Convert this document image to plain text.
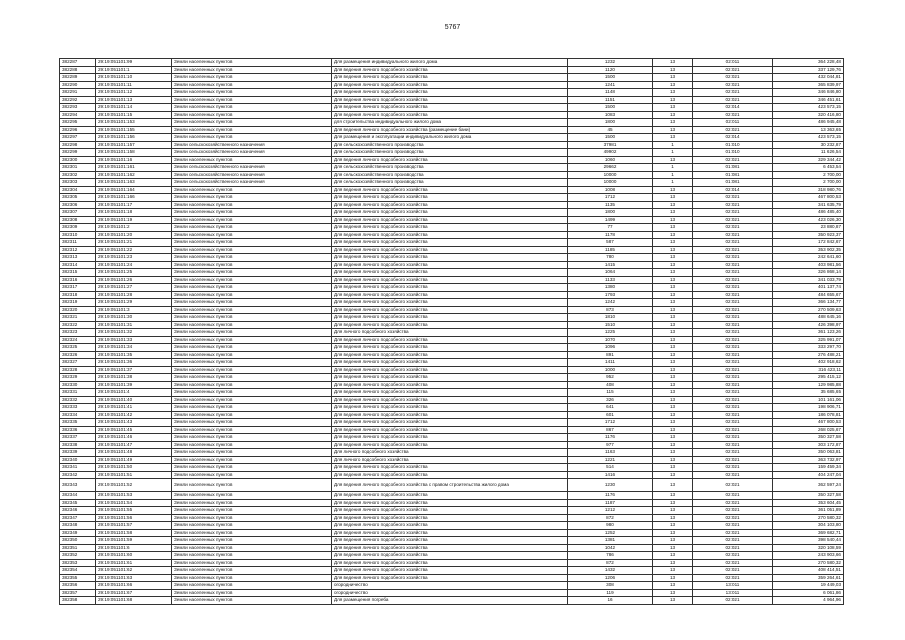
5767
382287	29:19:051101:99	Земли населенных пунктов	Для размещения индивидуального жилого дома	1232	13	02:011	364 228,48
382288	29:19:051101:1	Земли населенных пунктов	Для ведения личного подсобного хозяйства	1120	13	02:021	337 129,76
382289	29:19:051101:10	Земли населенных пунктов	Для ведения личного подсобного хозяйства	1500	13	02:021	432 044,81
382290	29:19:051101:11	Земли населенных пунктов	Для ведения личного подсобного хозяйства	1241	13	02:021	365 839,97
382291	29:19:051101:12	Земли населенных пунктов	Для ведения личного подсобного хозяйства	1148	13	02:021	346 846,80
382292	29:19:051101:13	Земли населенных пунктов	Для ведения личного подсобного хозяйства	1151	13	02:021	346 451,61
382293	29:19:051101:14	Земли населенных пунктов	Для ведения личного подсобного хозяйства	1500	13	02:014	423 573,15
382294	29:19:051101:15	Земли населенных пунктов	Для ведения личного подсобного хозяйства	1083	13	02:021	320 416,80
382295	29:19:051101:153	Земли населенных пунктов	для строительства индивидуального жилого дома	1800	13	02:011	486 945,48
382296	29:19:051101:155	Земли населенных пунктов	Для ведения личного подсобного хозяйства (размещение бани)	45	13	02:021	13 363,65
382297	29:19:051101:156	Земли населенных пунктов	Для размещения и эксплуатации индивидуального жилого дома	1500	13	02:014	423 573,15
382298	29:19:051101:157	Земли сельскохозяйственного назначения	Для сельскохозяйственного производства	37981	1	01:010	30 232,87
382299	29:19:051101:158	Земли сельскохозяйственного назначения	Для сельскохозяйственного производства	49902	1	01:010	11 626,54
382300	29:19:051101:16	Земли населенных пунктов	Для ведения личного подсобного хозяйства	1060	13	02:021	329 344,42
382301	29:19:051101:161	Земли сельскохозяйственного назначения	Для сельскохозяйственного производства	29662	1	01:081	6 453,54
382302	29:19:051101:162	Земли сельскохозяйственного назначения	Для сельскохозяйственного производства	10000	1	01:081	2 700,00
382303	29:19:051101:163	Земли сельскохозяйственного назначения	Для сельскохозяйственного производства	10000	1	01:081	2 700,00
382304	29:19:051101:164	Земли населенных пунктов	Для ведения личного подсобного хозяйства	1008	13	02:014	318 980,76
382305	29:19:051101:166	Земли населенных пунктов	Для ведения личного подсобного хозяйства	1712	13	02:021	467 800,53
382306	29:19:051101:17	Земли населенных пунктов	Для ведения личного подсобного хозяйства	1135	13	02:021	341 635,79
382307	29:19:051101:18	Земли населенных пунктов	Для ведения личного подсобного хозяйства	1800	13	02:021	486 485,40
382308	29:19:051101:19	Земли населенных пунктов	Для ведения личного подсобного хозяйства	1499	13	02:021	423 026,30
382309	29:19:051101:2	Земли населенных пунктов	Для ведения личного подсобного хозяйства	77	13	02:021	23 880,87
382310	29:19:051101:20	Земли населенных пунктов	Для ведения личного подсобного хозяйства	1178	13	02:021	350 923,37
382311	29:19:051101:21	Земли населенных пунктов	Для ведения личного подсобного хозяйства	587	13	02:021	172 842,67
382312	29:19:051101:22	Земли населенных пунктов	Для ведения личного подсобного хозяйства	1185	13	02:021	353 902,35
382313	29:19:051101:23	Земли населенных пунктов	Для ведения личного подсобного хозяйства	780	13	02:021	242 641,60
382314	29:19:051101:24	Земли населенных пунктов	Для ведения личного подсобного хозяйства	1415	13	02:021	403 981,56
382315	29:19:051101:25	Земли населенных пунктов	Для ведения личного подсобного хозяйства	1064	13	02:021	326 868,14
382316	29:19:051101:26	Земли населенных пунктов	Для ведения личного подсобного хозяйства	1133	13	02:021	341 033,79
382317	29:19:051101:27	Земли населенных пунктов	Для ведения личного подсобного хозяйства	1380	13	02:021	401 137,74
382318	29:19:051101:28	Земли населенных пунктов	Для ведения личного подсобного хозяйства	1793	13	02:021	484 655,67
382319	29:19:051101:29	Земли населенных пунктов	Для ведения личного подсобного хозяйства	1242	13	02:021	366 134,77
382320	29:19:051101:3	Земли населенных пунктов	Для ведения личного подсобного хозяйства	873	13	02:021	270 509,63
382321	29:19:051101:30	Земли населенных пунктов	Для ведения личного подсобного хозяйства	1810	13	02:021	488 645,16
382322	29:19:051101:31	Земли населенных пунктов	Для ведения личного подсобного хозяйства	1510	13	02:021	426 398,97
382323	29:19:051101:32	Земли населенных пунктов	Для личного подсобного хозяйства	1225	13	02:021	361 123,26
382324	29:19:051101:33	Земли населенных пунктов	Для ведения личного подсобного хозяйства	1070	13	02:021	325 991,07
382325	29:19:051101:34	Земли населенных пунктов	Для ведения личного подсобного хозяйства	1096	13	02:021	333 297,70
382326	29:19:051101:35	Земли населенных пунктов	Для ведения личного подсобного хозяйства	891	13	02:021	276 488,21
382327	29:19:051101:36	Земли населенных пунктов	Для ведения личного подсобного хозяйства	1411	13	02:021	402 918,62
382328	29:19:051101:37	Земли населенных пунктов	Для ведения личного подсобного хозяйства	1000	13	02:021	316 423,11
382329	29:19:051101:38	Земли населенных пунктов	Для ведения личного подсобного хозяйства	952	13	02:021	295 415,12
382330	29:19:051101:39	Земли населенных пунктов	Для ведения личного подсобного хозяйства	408	13	02:021	129 985,88
382331	29:19:051101:4	Земли населенных пунктов	Для ведения личного подсобного хозяйства	115	13	02:021	35 685,65
382332	29:19:051101:40	Земли населенных пунктов	Для ведения личного подсобного хозяйства	326	13	02:021	101 161,06
382333	29:19:051101:41	Земли населенных пунктов	Для ведения личного подсобного хозяйства	641	13	02:021	198 906,71
382334	29:19:051101:42	Земли населенных пунктов	Для ведения личного подсобного хозяйства	601	13	02:021	186 078,81
382335	29:19:051101:43	Земли населенных пунктов	Для ведения личного подсобного хозяйства	1712	13	02:021	467 800,53
382336	29:19:051101:45	Земли населенных пунктов	Для ведения личного подсобного хозяйства	867	13	02:021	268 025,67
382337	29:19:051101:46	Земли населенных пунктов	Для ведения личного подсобного хозяйства	1176	13	02:021	350 327,58
382338	29:19:051101:47	Земли населенных пунктов	Для ведения личного подсобного хозяйства	977	13	02:021	303 172,87
382339	29:19:051101:48	Земли населенных пунктов	Для личного подсобного хозяйства	1163	13	02:021	350 063,81
382340	29:19:051101:49	Земли населенных пунктов	Для личного подсобного хозяйства	1221	13	02:021	363 732,97
382341	29:19:051101:50	Земли населенных пунктов	Для ведения личного подсобного хозяйства	514	13	02:021	159 459,34
382342	29:19:051101:51	Земли населенных пунктов	Для ведения личного подсобного хозяйства	1416	13	02:021	404 247,04
382343	29:19:051101:52	Земли населенных пунктов	Для ведения личного подсобного хозяйства с правом строительства жилого дома	1230	13	02:021	362 597,24
382344	29:19:051101:53	Земли населенных пунктов	Для ведения личного подсобного хозяйства	1176	13	02:021	350 327,58
382345	29:19:051101:54	Земли населенных пунктов	Для ведения личного подсобного хозяйства	1187	13	02:021	353 604,45
382346	29:19:051101:55	Земли населенных пунктов	Для ведения личного подсобного хозяйства	1212	13	02:021	361 051,89
382347	29:19:051101:56	Земли населенных пунктов	Для ведения личного подсобного хозяйства	872	13	02:021	270 580,32
382348	29:19:051101:57	Земли населенных пунктов	Для ведения личного подсобного хозяйства	980	13	02:021	304 103,80
382349	29:19:051101:58	Земли населенных пунктов	Для ведения личного подсобного хозяйства	1252	13	02:021	369 682,71
382350	29:19:051101:59	Земли населенных пунктов	Для ведения личного подсобного хозяйства	1381	13	02:021	398 540,44
382351	29:19:051101:6	Земли населенных пунктов	Для ведения личного подсобного хозяйства	1042	13	02:021	320 108,59
382352	29:19:051101:60	Земли населенных пунктов	Для ведения личного подсобного хозяйства	786	13	02:021	243 903,66
382353	29:19:051101:61	Земли населенных пунктов	Для ведения личного подсобного хозяйства	872	13	02:021	270 580,32
382354	29:19:051101:62	Земли населенных пунктов	Для ведения личного подсобного хозяйства	1432	13	02:021	408 414,51
382355	29:19:051101:63	Земли населенных пунктов	Для ведения личного подсобного хозяйства	1206	13	02:021	359 264,61
382356	29:19:051101:66	Земли населенных пунктов	огородничество	308	13	13:011	19 449,03
382357	29:19:051101:67	Земли населенных пунктов	огородничество	119	13	13:011	6 061,86
382358	29:19:051101:68	Земли населенных пунктов	Для размещения погреба	16	13	02:021	4 964,96
